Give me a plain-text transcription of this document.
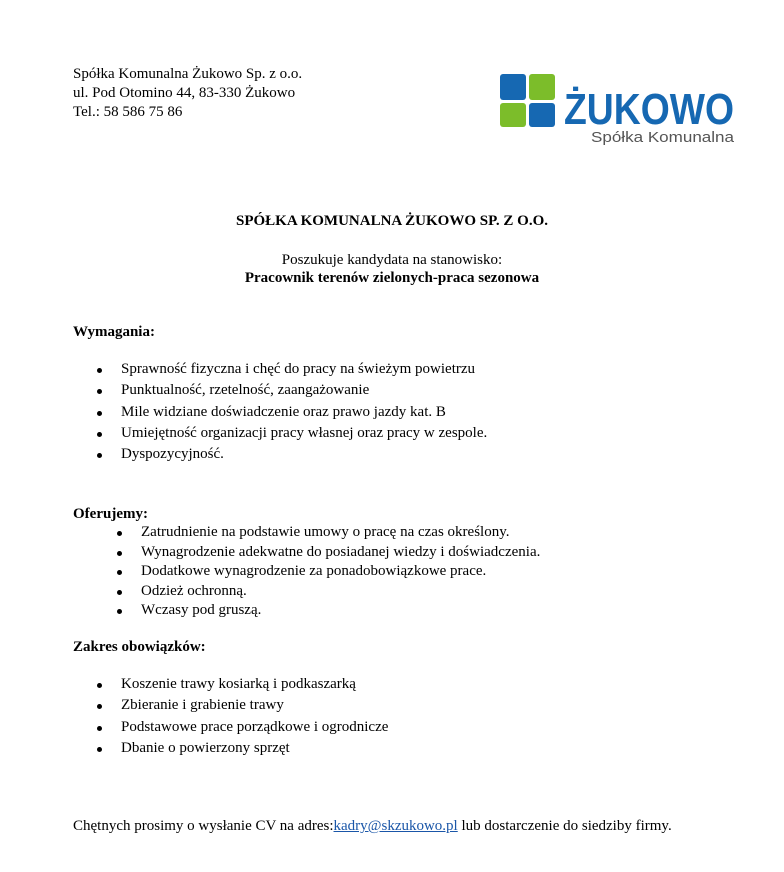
Spółka Komunalna Żukowo Sp. z o.o.
ul. Pod Otomino 44, 83-330 Żukowo
Tel.: 58 586 75 86	ŻUKOWO
Spółka Komunalna
SPÓŁKA KOMUNALNA ŻUKOWO SP. Z O.O.
Poszukuje kandydata na stanowisko:
Pracownik terenów zielonych-praca sezonowa
Wymagania:
Sprawność fizyczna i chęć do pracy na świeżym powietrzu
Punktualność, rzetelność, zaangażowanie
Mile widziane doświadczenie oraz prawo jazdy kat. B
Umiejętność organizacji pracy własnej oraz pracy w zespole.
Dyspozycyjność.
Oferujemy:
Zatrudnienie na podstawie umowy o pracę na czas określony.
Wynagrodzenie adekwatne do posiadanej wiedzy i doświadczenia.
Dodatkowe wynagrodzenie za ponadobowiązkowe prace.
Odzież ochronną.
Wczasy pod gruszą.
Zakres obowiązków:
Koszenie trawy kosiarką i podkaszarką
Zbieranie i grabienie trawy
Podstawowe prace porządkowe i ogrodnicze
Dbanie o powierzony sprzęt
Chętnych prosimy o wysłanie CV na adres:kadry@skzukowo.pl lub dostarczenie do siedziby firmy.
